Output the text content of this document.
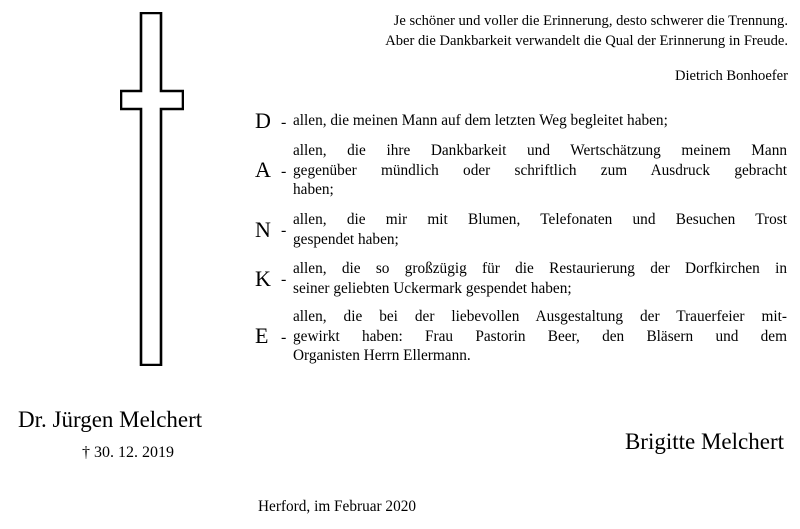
Je schöner und voller die Erinnerung, desto schwerer die Trennung.
Aber die Dankbarkeit verwandelt die Qual der Erinnerung in Freude.
Dietrich Bonhoefer
D - allen, die meinen Mann auf dem letzten Weg begleitet haben;
A -
allen, die ihre Dankbarkeit und Wertschätzung meinem Mann
gegenüber mündlich oder schriftlich zum Ausdruck gebracht
haben;
N -
allen, die mir mit Blumen, Telefonaten und Besuchen Trost
gespendet haben;
K -
allen, die so großzügig für die Restaurierung der Dorfkirchen in
seiner geliebten Uckermark gespendet haben;
E -
allen, die bei der liebevollen Ausgestaltung der Trauerfeier mit-
gewirkt haben: Frau Pastorin Beer, den Bläsern und dem
Organisten Herrn Ellermann.
Dr. Jürgen Melchert
† 30. 12. 2019	Brigitte Melchert
Herford, im Februar 2020
